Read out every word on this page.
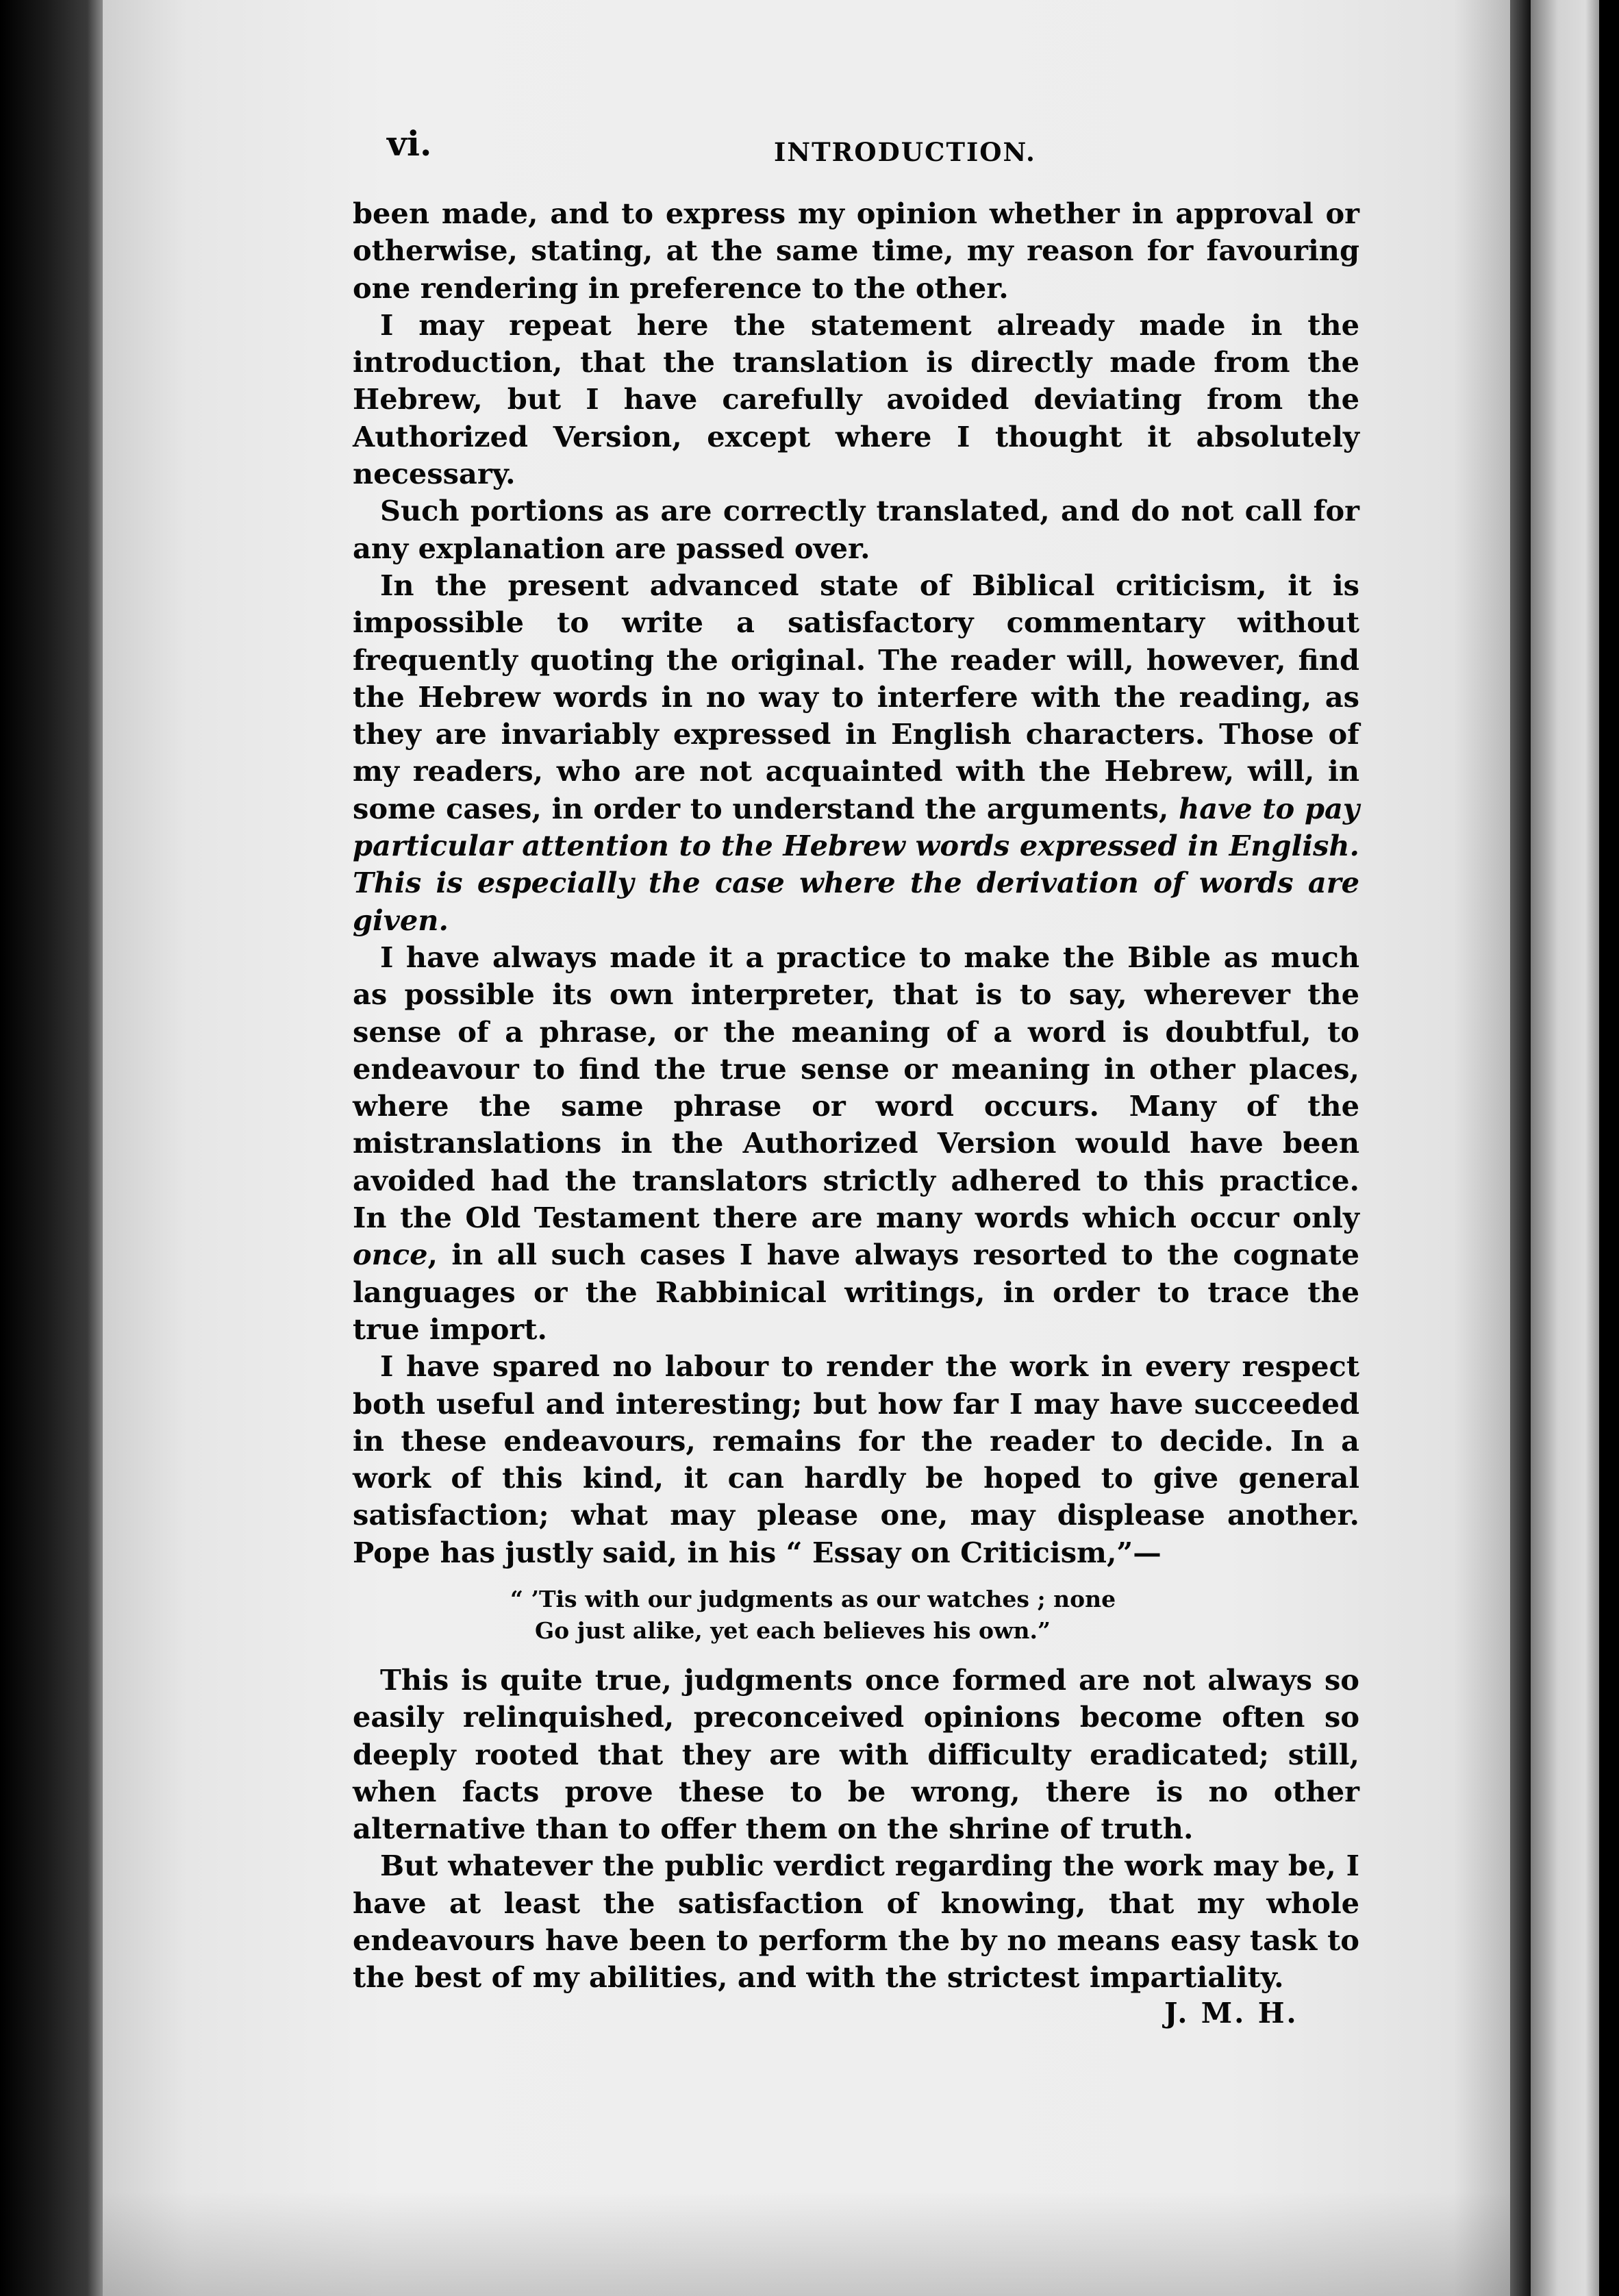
vi.	INTRODUCTION.

been made, and to express my opinion whether in approval or otherwise, stating, at the same time, my reason for favouring one rendering in preference to the other.

I may repeat here the statement already made in the introduction, that the translation is directly made from the Hebrew, but I have carefully avoided deviating from the Authorized Version, except where I thought it absolutely necessary.

Such portions as are correctly translated, and do not call for any explanation are passed over.

In the present advanced state of Biblical criticism, it is impossible to write a satisfactory commentary without frequently quoting the original. The reader will, however, find the Hebrew words in no way to interfere with the reading, as they are invariably expressed in English characters. Those of my readers, who are not acquainted with the Hebrew, will, in some cases, in order to understand the arguments, have to pay particular attention to the Hebrew words expressed in English. This is especially the case where the derivation of words are given.

I have always made it a practice to make the Bible as much as possible its own interpreter, that is to say, wherever the sense of a phrase, or the meaning of a word is doubtful, to endeavour to find the true sense or meaning in other places, where the same phrase or word occurs. Many of the mistranslations in the Authorized Version would have been avoided had the translators strictly adhered to this practice. In the Old Testament there are many words which occur only once, in all such cases I have always resorted to the cognate languages or the Rabbinical writings, in order to trace the true import.

I have spared no labour to render the work in every respect both useful and interesting; but how far I may have succeeded in these endeavours, remains for the reader to decide. In a work of this kind, it can hardly be hoped to give general satisfaction; what may please one, may displease another. Pope has justly said, in his “ Essay on Criticism,”—

“ ’Tis with our judgments as our watches ; none
Go just alike, yet each believes his own.”

This is quite true, judgments once formed are not always so easily relinquished, preconceived opinions become often so deeply rooted that they are with difficulty eradicated; still, when facts prove these to be wrong, there is no other alternative than to offer them on the shrine of truth.

But whatever the public verdict regarding the work may be, I have at least the satisfaction of knowing, that my whole endeavours have been to perform the by no means easy task to the best of my abilities, and with the strictest impartiality.

J. M. H.
